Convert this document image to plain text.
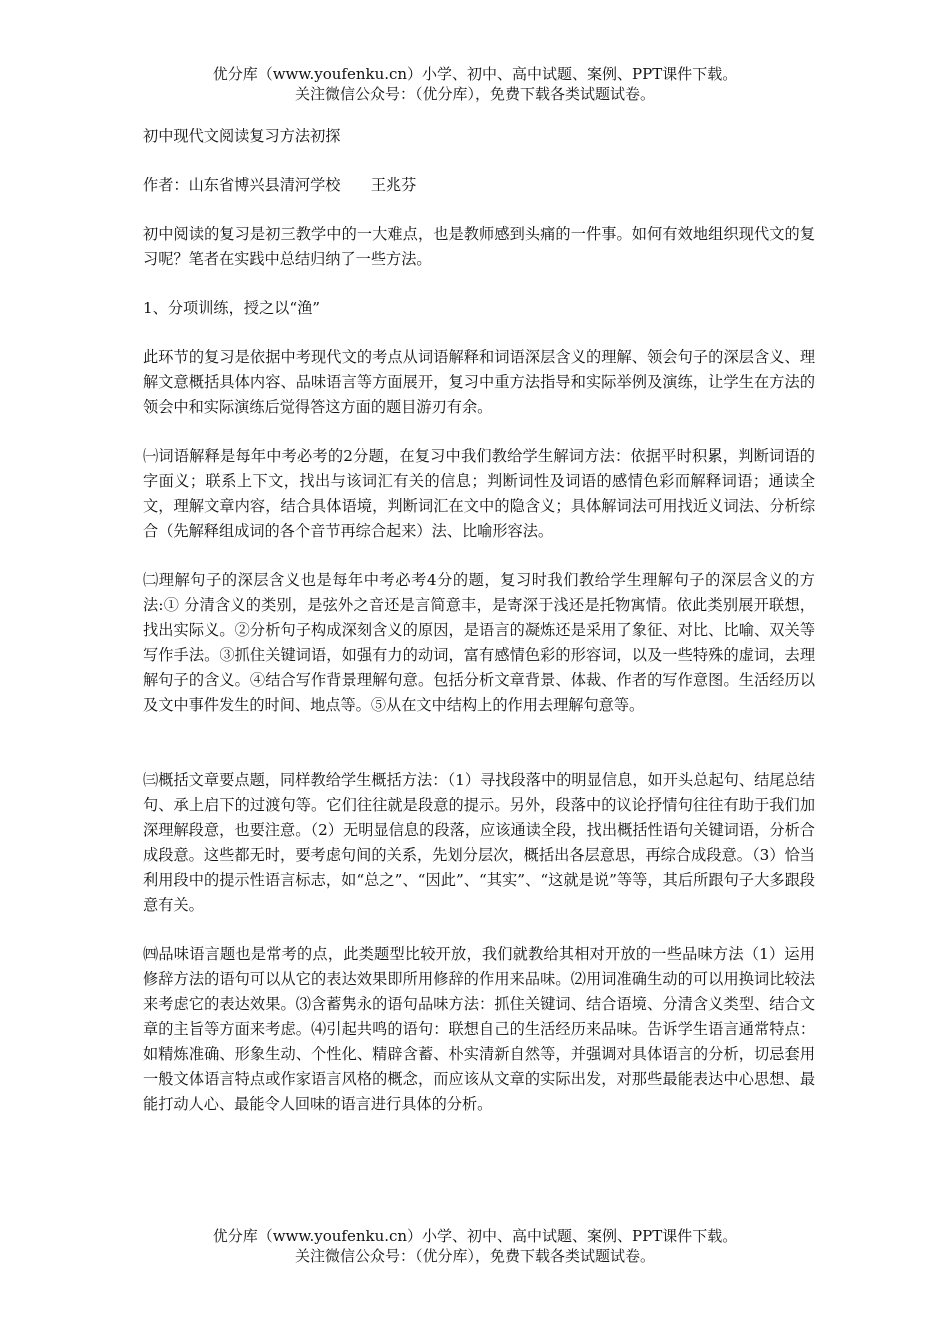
优分库（www.youfenku.cn）小学、初中、高中试题、案例、PPT课件下载。
关注微信公众号：（优分库），免费下载各类试题试卷。

初中现代文阅读复习方法初探

作者：山东省博兴县清河学校　　王兆芬

初中阅读的复习是初三教学中的一大难点，也是教师感到头痛的一件事。如何有效地组织现代文的复习呢？笔者在实践中总结归纳了一些方法。

1、分项训练，授之以“渔”

此环节的复习是依据中考现代文的考点从词语解释和词语深层含义的理解、领会句子的深层含义、理解文意概括具体内容、品味语言等方面展开，复习中重方法指导和实际举例及演练，让学生在方法的领会中和实际演练后觉得答这方面的题目游刃有余。

㈠词语解释是每年中考必考的2分题，在复习中我们教给学生解词方法：依据平时积累，判断词语的字面义；联系上下文，找出与该词汇有关的信息；判断词性及词语的感情色彩而解释词语；通读全文，理解文章内容，结合具体语境，判断词汇在文中的隐含义；具体解词法可用找近义词法、分析综合（先解释组成词的各个音节再综合起来）法、比喻形容法。

㈡理解句子的深层含义也是每年中考必考4分的题，复习时我们教给学生理解句子的深层含义的方法:① 分清含义的类别，是弦外之音还是言简意丰，是寄深于浅还是托物寓情。依此类别展开联想，找出实际义。②分析句子构成深刻含义的原因，是语言的凝炼还是采用了象征、对比、比喻、双关等写作手法。③抓住关键词语，如强有力的动词，富有感情色彩的形容词，以及一些特殊的虚词，去理解句子的含义。④结合写作背景理解句意。包括分析文章背景、体裁、作者的写作意图。生活经历以及文中事件发生的时间、地点等。⑤从在文中结构上的作用去理解句意等。

㈢概括文章要点题，同样教给学生概括方法：（1）寻找段落中的明显信息，如开头总起句、结尾总结句、承上启下的过渡句等。它们往往就是段意的提示。另外，段落中的议论抒情句往往有助于我们加深理解段意，也要注意。（2）无明显信息的段落，应该通读全段，找出概括性语句关键词语，分析合成段意。这些都无时，要考虑句间的关系，先划分层次，概括出各层意思，再综合成段意。（3）恰当利用段中的提示性语言标志，如“总之”、“因此”、“其实”、“这就是说”等等，其后所跟句子大多跟段意有关。

㈣品味语言题也是常考的点，此类题型比较开放，我们就教给其相对开放的一些品味方法（1）运用修辞方法的语句可以从它的表达效果即所用修辞的作用来品味。⑵用词准确生动的可以用换词比较法来考虑它的表达效果。⑶含蓄隽永的语句品味方法：抓住关键词、结合语境、分清含义类型、结合文章的主旨等方面来考虑。⑷引起共鸣的语句：联想自己的生活经历来品味。告诉学生语言通常特点：如精炼准确、形象生动、个性化、精辟含蓄、朴实清新自然等，并强调对具体语言的分析，切忌套用一般文体语言特点或作家语言风格的概念，而应该从文章的实际出发，对那些最能表达中心思想、最能打动人心、最能令人回味的语言进行具体的分析。

优分库（www.youfenku.cn）小学、初中、高中试题、案例、PPT课件下载。
关注微信公众号：（优分库），免费下载各类试题试卷。
